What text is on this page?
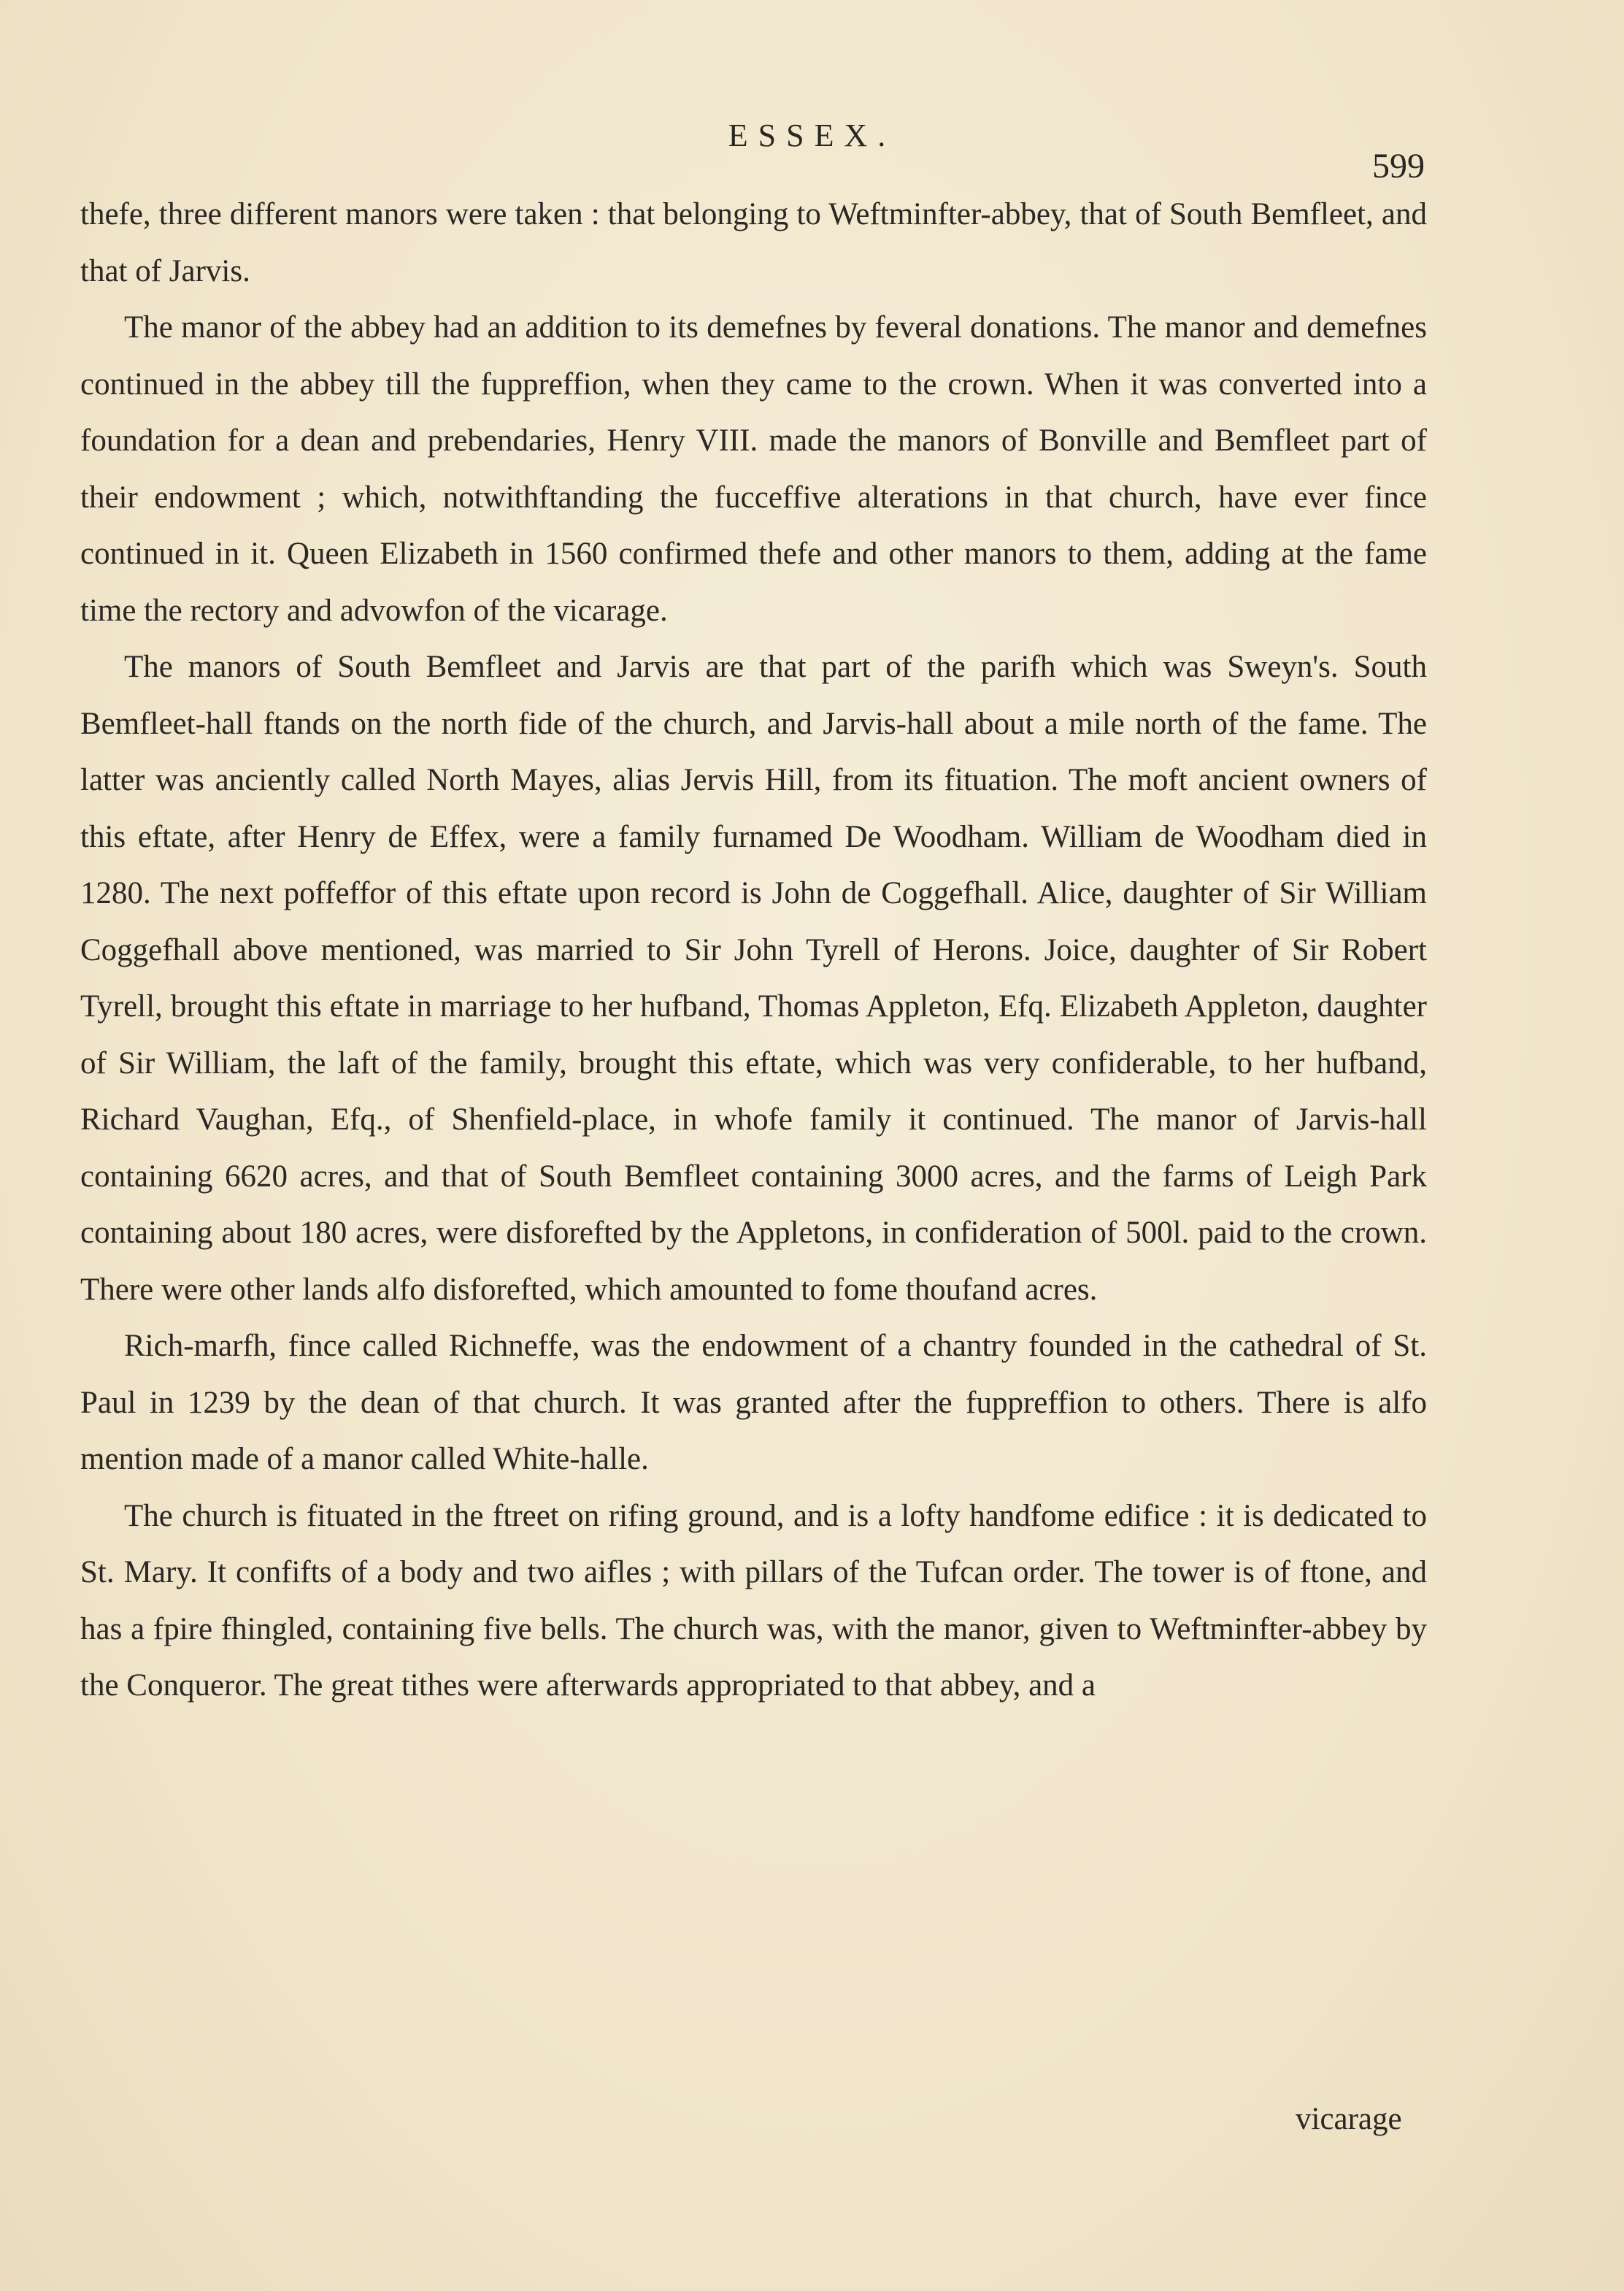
ESSEX.
599

thefe, three different manors were taken : that belonging to Weftminfter-abbey, that of South Bemfleet, and that of Jarvis.

The manor of the abbey had an addition to its demefnes by feveral donations. The manor and demefnes continued in the abbey till the fuppreffion, when they came to the crown. When it was converted into a foundation for a dean and prebendaries, Henry VIII. made the manors of Bonville and Bemfleet part of their endowment ; which, notwithftanding the fucceffive alterations in that church, have ever fince continued in it. Queen Elizabeth in 1560 confirmed thefe and other manors to them, adding at the fame time the rectory and advowfon of the vicarage.

The manors of South Bemfleet and Jarvis are that part of the parifh which was Sweyn's. South Bemfleet-hall ftands on the north fide of the church, and Jarvis-hall about a mile north of the fame. The latter was anciently called North Mayes, alias Jervis Hill, from its fituation. The moft ancient owners of this eftate, after Henry de Effex, were a family furnamed De Woodham. William de Woodham died in 1280. The next poffeffor of this eftate upon record is John de Coggefhall. Alice, daughter of Sir William Coggefhall above mentioned, was married to Sir John Tyrell of Herons. Joice, daughter of Sir Robert Tyrell, brought this eftate in marriage to her hufband, Thomas Appleton, Efq. Elizabeth Appleton, daughter of Sir William, the laft of the family, brought this eftate, which was very confiderable, to her hufband, Richard Vaughan, Efq., of Shenfield-place, in whofe family it continued. The manor of Jarvis-hall containing 6620 acres, and that of South Bemfleet containing 3000 acres, and the farms of Leigh Park containing about 180 acres, were disforefted by the Appletons, in confideration of 500l. paid to the crown. There were other lands alfo disforefted, which amounted to fome thoufand acres.

Rich-marfh, fince called Richneffe, was the endowment of a chantry founded in the cathedral of St. Paul in 1239 by the dean of that church. It was granted after the fuppreffion to others. There is alfo mention made of a manor called White-halle.

The church is fituated in the ftreet on rifing ground, and is a lofty handfome edifice : it is dedicated to St. Mary. It confifts of a body and two aifles ; with pillars of the Tufcan order. The tower is of ftone, and has a fpire fhingled, containing five bells. The church was, with the manor, given to Weftminfter-abbey by the Conqueror. The great tithes were afterwards appropriated to that abbey, and a

vicarage
